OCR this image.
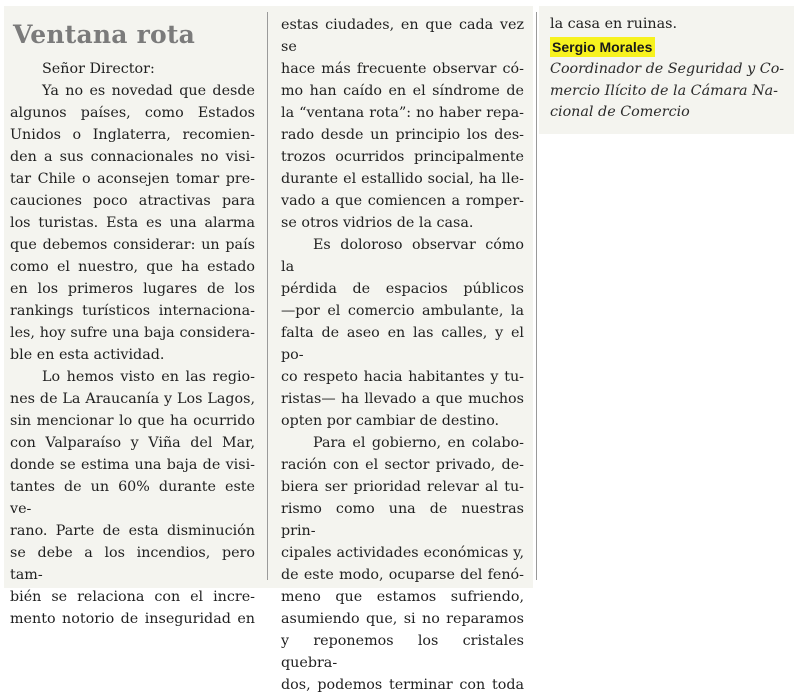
Ventana rota

Señor Director:

Ya no es novedad que desde

algunos países, como Estados

Unidos o Inglaterra, recomien-

den a sus connacionales no visi-

tar Chile o aconsejen tomar pre-

cauciones poco atractivas para

los turistas. Esta es una alarma

que debemos considerar: un país

como el nuestro, que ha estado

en los primeros lugares de los

rankings turísticos internaciona-

les, hoy sufre una baja considera-

ble en esta actividad.

Lo hemos visto en las regio-

nes de La Araucanía y Los Lagos,

sin mencionar lo que ha ocurrido

con Valparaíso y Viña del Mar,

donde se estima una baja de visi-

tantes de un 60% durante este ve-

rano. Parte de esta disminución

se debe a los incendios, pero tam-

bién se relaciona con el incre-

mento notorio de inseguridad en

estas ciudades, en que cada vez se

hace más frecuente observar có-

mo han caído en el síndrome de

la “ventana rota”: no haber repa-

rado desde un principio los des-

trozos ocurridos principalmente

durante el estallido social, ha lle-

vado a que comiencen a romper-

se otros vidrios de la casa.

Es doloroso observar cómo la

pérdida de espacios públicos

—por el comercio ambulante, la

falta de aseo en las calles, y el po-

co respeto hacia habitantes y tu-

ristas— ha llevado a que muchos

opten por cambiar de destino.

Para el gobierno, en colabo-

ración con el sector privado, de-

biera ser prioridad relevar al tu-

rismo como una de nuestras prin-

cipales actividades económicas y,

de este modo, ocuparse del fenó-

meno que estamos sufriendo,

asumiendo que, si no reparamos

y reponemos los cristales quebra-

dos, podemos terminar con toda

la casa en ruinas.

Sergio Morales
Coordinador de Seguridad y Co-
mercio Ilícito de la Cámara Na-
cional de Comercio
